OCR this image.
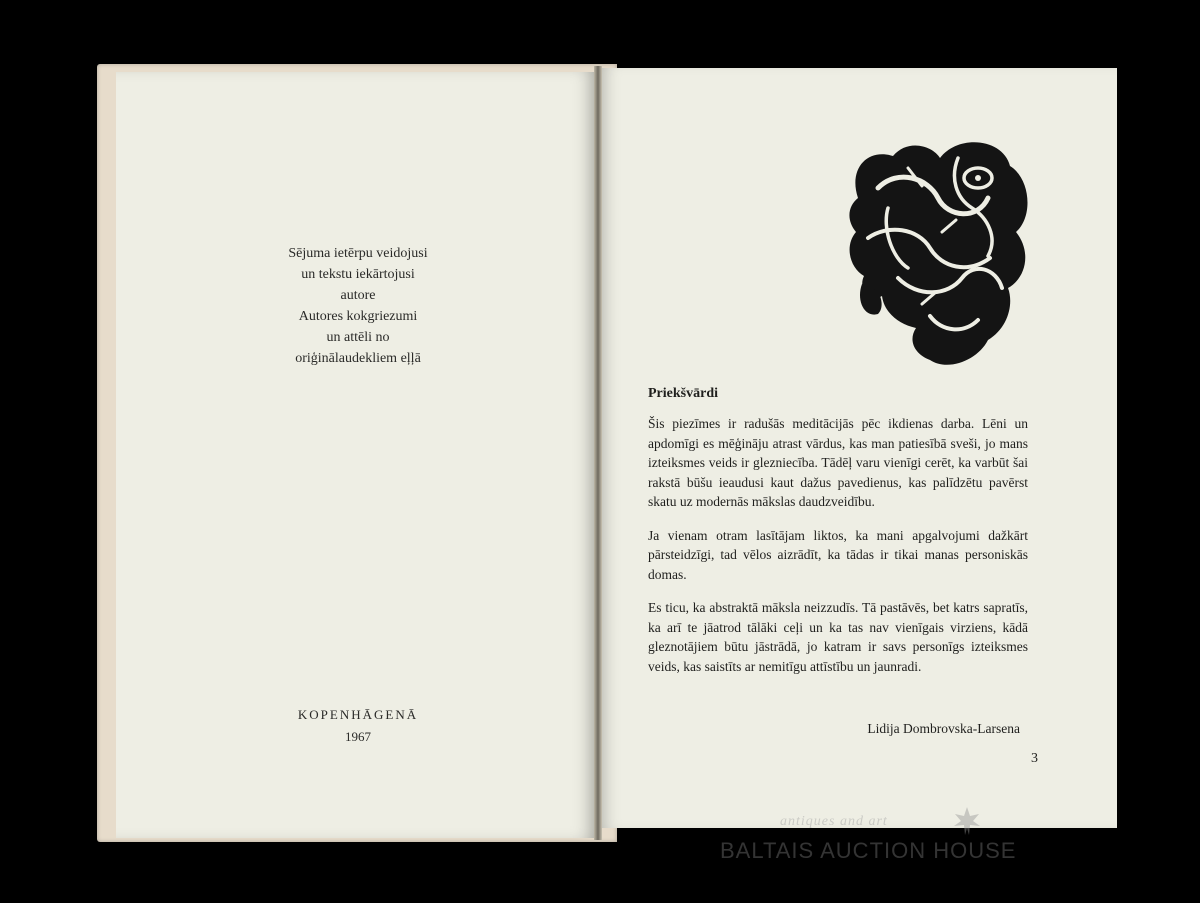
Sējuma ietērpu veidojusi
un tekstu iekārtojusi
autore
Autores kokgriezumi
un attēli no
oriģinālaudekliem eļļā
KOPENHĀGENĀ
1967
Priekšvārdi

Šis piezīmes ir radušās meditācijās pēc ikdienas darba. Lēni un apdomīgi es mēģināju atrast vārdus, kas man patiesībā sveši, jo mans izteiksmes veids ir glezniecība. Tādēļ varu vienīgi cerēt, ka varbūt šai rakstā būšu ieaudusi kaut dažus pavedienus, kas palīdzētu pavērst skatu uz modernās mākslas daudzveidību.

Ja vienam otram lasītājam liktos, ka mani apgalvojumi dažkārt pārsteidzīgi, tad vēlos aizrādīt, ka tādas ir tikai manas personiskās domas.

Es ticu, ka abstraktā māksla neizzudīs. Tā pastāvēs, bet katrs sapratīs, ka arī te jāatrod tālāki ceļi un ka tas nav vienīgais virziens, kādā gleznotājiem būtu jāstrādā, jo katram ir savs personīgs izteiksmes veids, kas saistīts ar nemitīgu attīstību un jaunradi.

Lidija Dombrovska-Larsena
3
antiques and art
BALTAIS AUCTION HOUSE
